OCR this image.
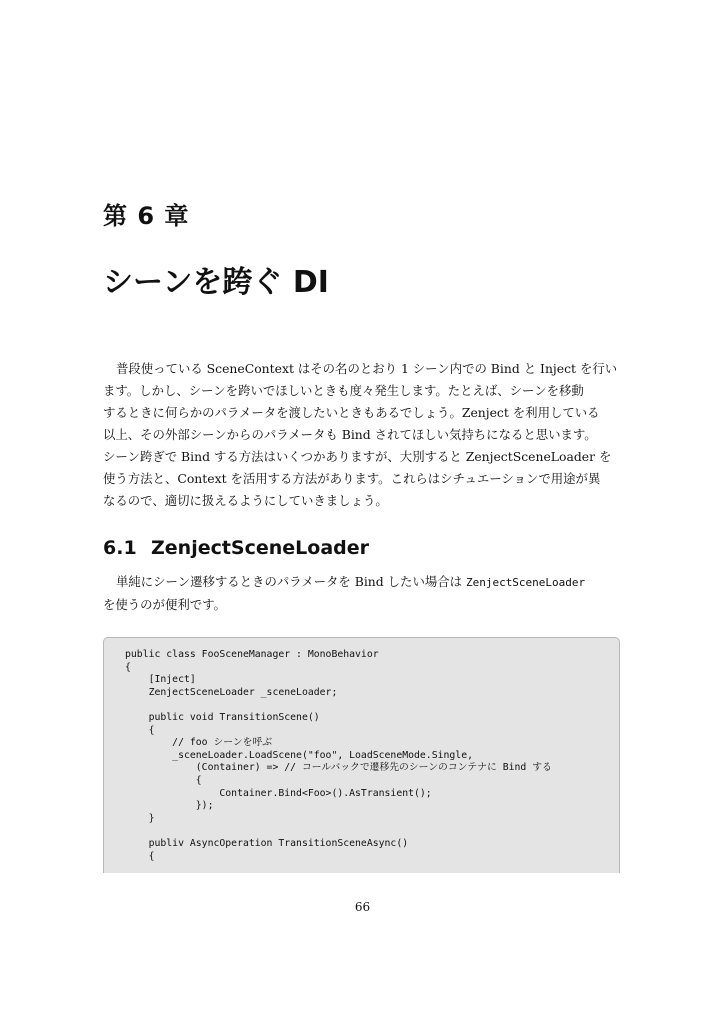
第 6 章
シーンを跨ぐ DI

普段使っている SceneContext はその名のとおり 1 シーン内での Bind と Inject を行い
ます。しかし、シーンを跨いでほしいときも度々発生します。たとえば、シーンを移動
するときに何らかのパラメータを渡したいときもあるでしょう。Zenject を利用している
以上、その外部シーンからのパラメータも Bind されてほしい気持ちになると思います。
シーン跨ぎで Bind する方法はいくつかありますが、大別すると ZenjectSceneLoader を
使う方法と、Context を活用する方法があります。これらはシチュエーションで用途が異
なるので、適切に扱えるようにしていきましょう。

6.1 ZenjectSceneLoader

単純にシーン遷移するときのパラメータを Bind したい場合は ZenjectSceneLoader
を使うのが便利です。

public class FooSceneManager : MonoBehavior
{
[Inject]
ZenjectSceneLoader _sceneLoader;

public void TransitionScene()
{
// foo シーンを呼ぶ
_sceneLoader.LoadScene("foo", LoadSceneMode.Single,
(Container) => // コールバックで遷移先のシーンのコンテナに Bind する
{
Container.Bind<Foo>().AsTransient();
});
}

publiv AsyncOperation TransitionSceneAsync()
{

66
